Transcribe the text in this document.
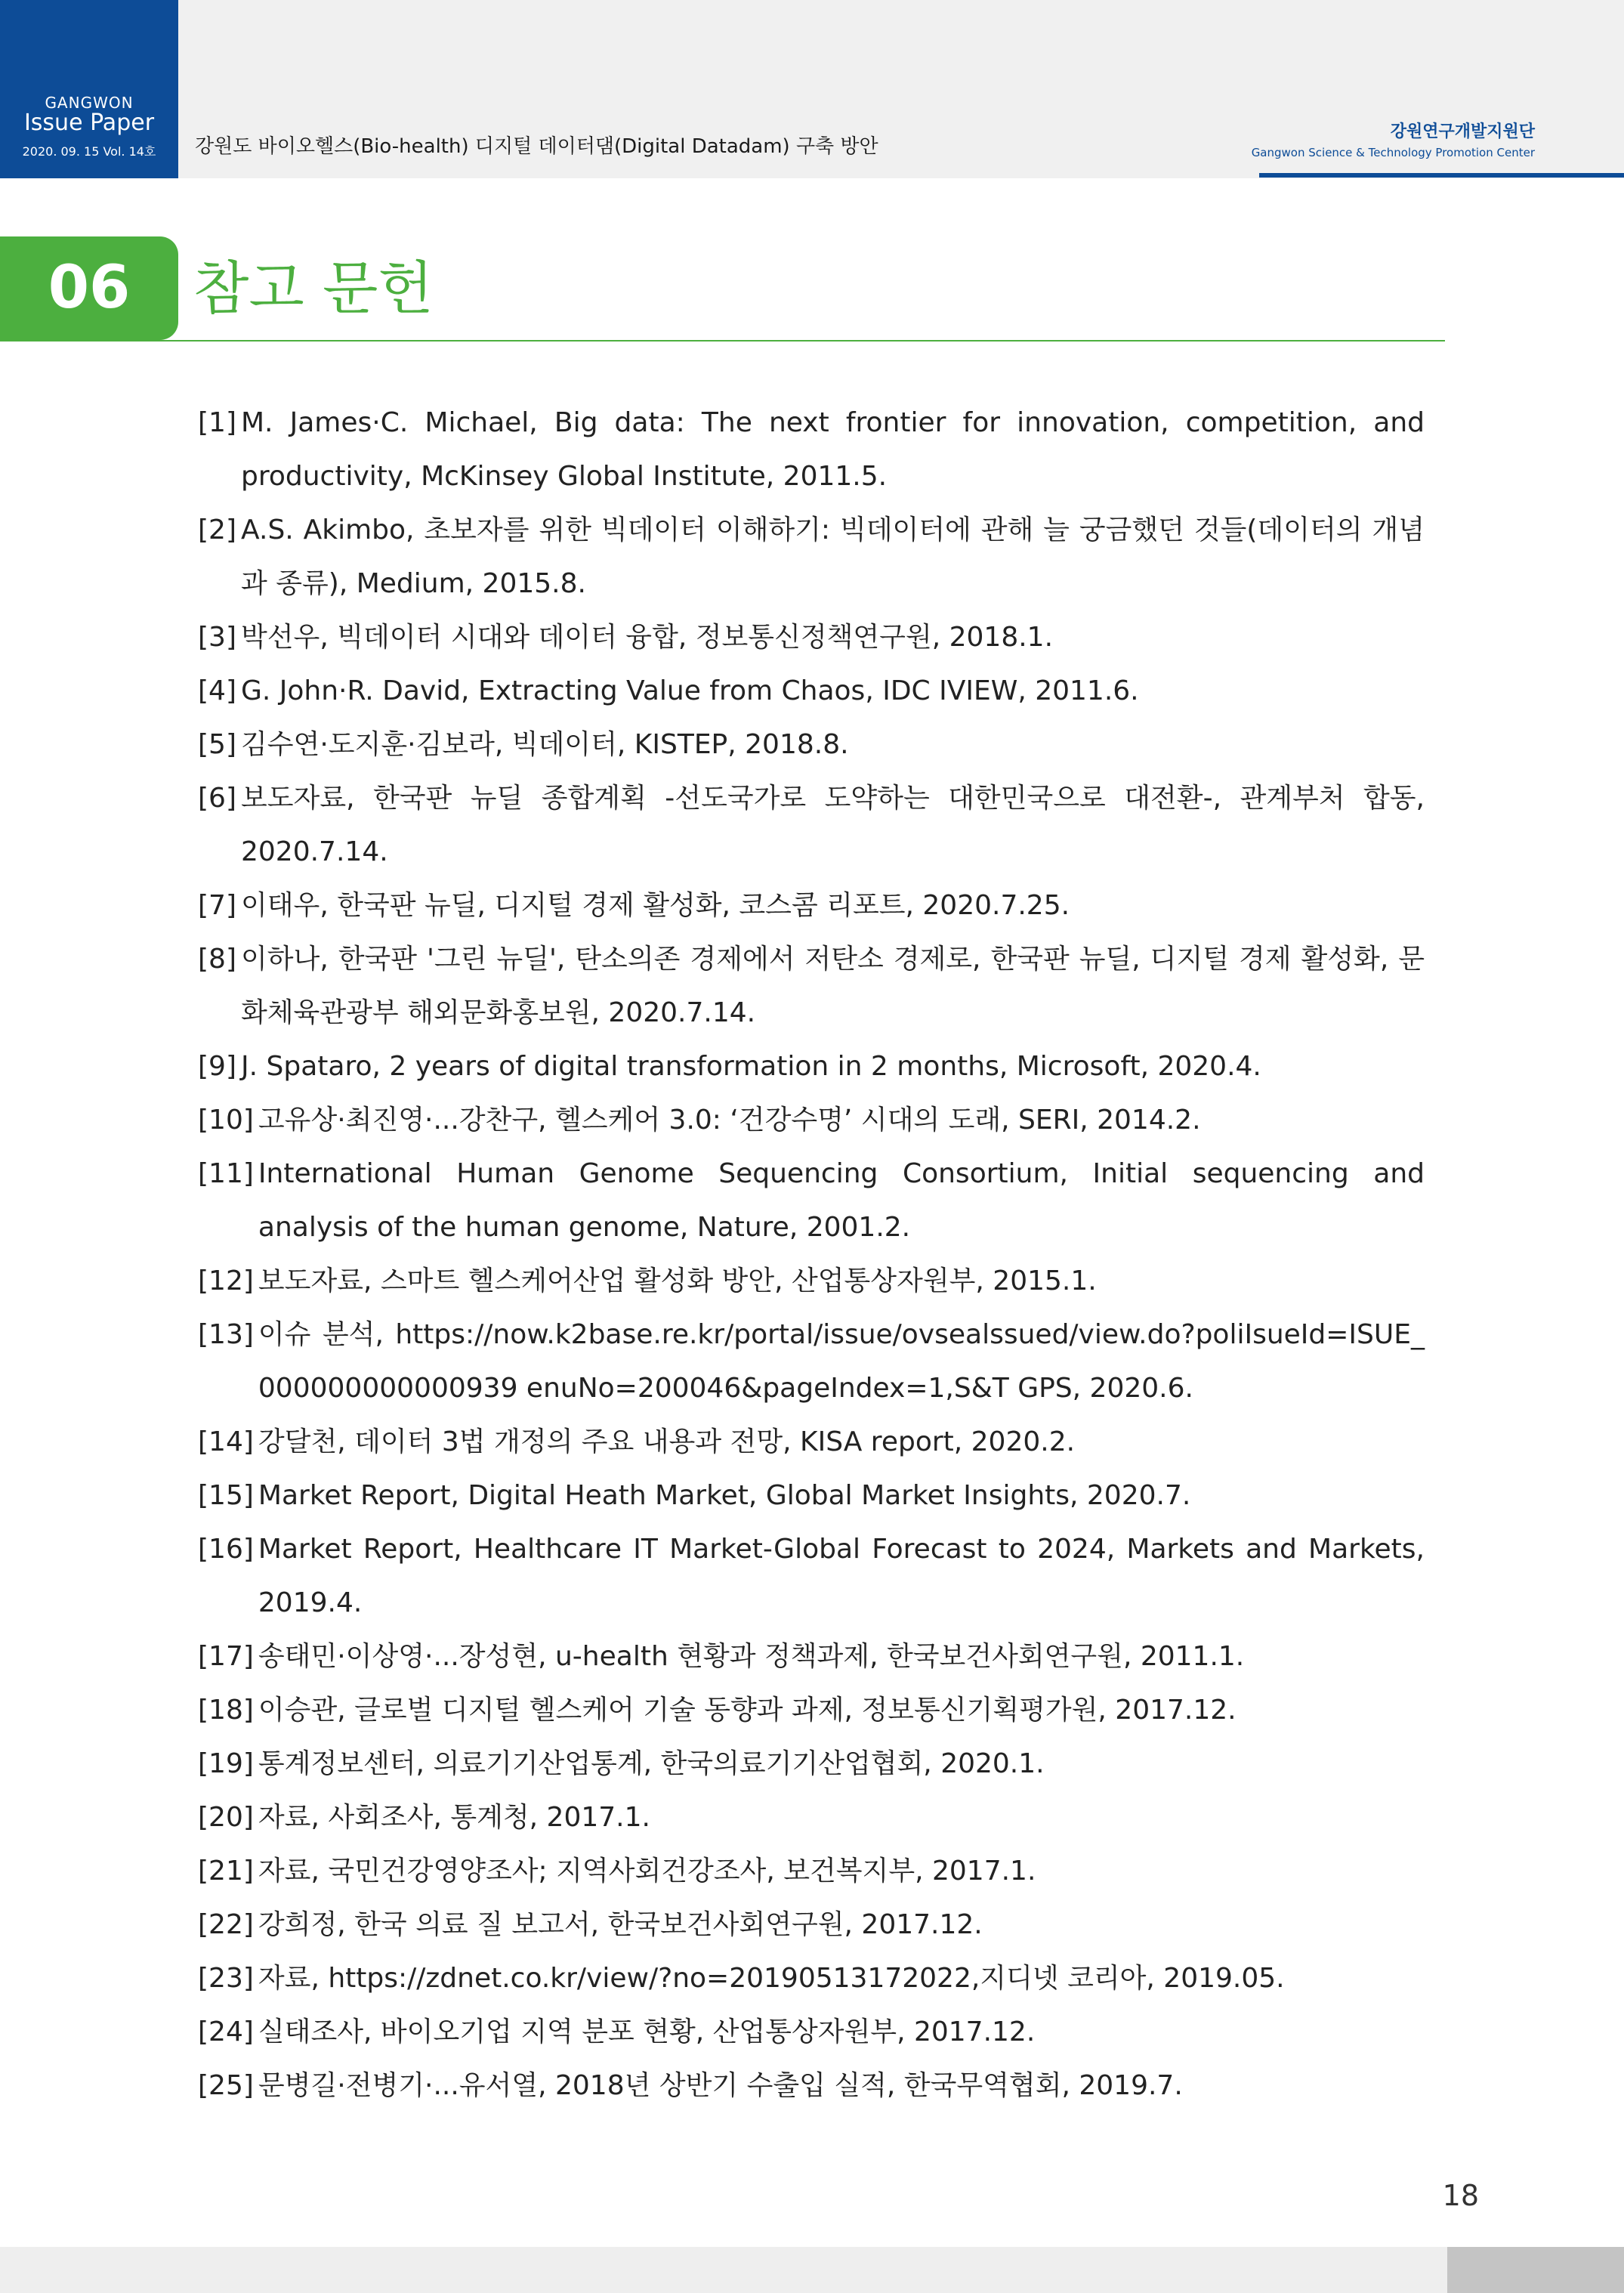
GANGWON
Issue Paper
2020. 09. 15 Vol. 14호	강원도 바이오헬스(Bio-health) 디지털 데이터댐(Digital Datadam) 구축 방안
강원연구개발지원단
Gangwon Science & Technology Promotion Center
06	참고 문헌
[1] M. James·C. Michael, Big data: The next frontier for innovation, competition, and productivity, McKinsey Global Institute, 2011.5.
[2] A.S. Akimbo, 초보자를 위한 빅데이터 이해하기: 빅데이터에 관해 늘 궁금했던 것들(데이터의 개념과 종류), Medium, 2015.8.
[3] 박선우, 빅데이터 시대와 데이터 융합, 정보통신정책연구원, 2018.1.
[4] G. John·R. David, Extracting Value from Chaos, IDC IVIEW, 2011.6.
[5] 김수연·도지훈·김보라, 빅데이터, KISTEP, 2018.8.
[6] 보도자료, 한국판 뉴딜 종합계획 -선도국가로 도약하는 대한민국으로 대전환-, 관계부처 합동, 2020.7.14.
[7] 이태우, 한국판 뉴딜, 디지털 경제 활성화, 코스콤 리포트, 2020.7.25.
[8] 이하나, 한국판 '그린 뉴딜', 탄소의존 경제에서 저탄소 경제로, 한국판 뉴딜, 디지털 경제 활성화, 문화체육관광부 해외문화홍보원, 2020.7.14.
[9] J. Spataro, 2 years of digital transformation in 2 months, Microsoft, 2020.4.
[10] 고유상·최진영·...강찬구, 헬스케어 3.0: ‘건강수명’ 시대의 도래, SERI, 2014.2.
[11] International Human Genome Sequencing Consortium, Initial sequencing and analysis of the human genome, Nature, 2001.2.
[12] 보도자료, 스마트 헬스케어산업 활성화 방안, 산업통상자원부, 2015.1.
[13] 이슈 분석, https://now.k2base.re.kr/portal/issue/ovsealssued/view.do?poliIsueId=ISUE_000000000000939 enuNo=200046&pageIndex=1,S&T GPS, 2020.6.
[14] 강달천, 데이터 3법 개정의 주요 내용과 전망, KISA report, 2020.2.
[15] Market Report, Digital Heath Market, Global Market Insights, 2020.7.
[16] Market Report, Healthcare IT Market-Global Forecast to 2024, Markets and Markets, 2019.4.
[17] 송태민·이상영·...장성현, u-health 현황과 정책과제, 한국보건사회연구원, 2011.1.
[18] 이승관, 글로벌 디지털 헬스케어 기술 동향과 과제, 정보통신기획평가원, 2017.12.
[19] 통계정보센터, 의료기기산업통계, 한국의료기기산업협회, 2020.1.
[20] 자료, 사회조사, 통계청, 2017.1.
[21] 자료, 국민건강영양조사; 지역사회건강조사, 보건복지부, 2017.1.
[22] 강희정, 한국 의료 질 보고서, 한국보건사회연구원, 2017.12.
[23] 자료, https://zdnet.co.kr/view/?no=20190513172022,지디넷 코리아, 2019.05.
[24] 실태조사, 바이오기업 지역 분포 현황, 산업통상자원부, 2017.12.
[25] 문병길·전병기·...유서열, 2018년 상반기 수출입 실적, 한국무역협회, 2019.7.
18
